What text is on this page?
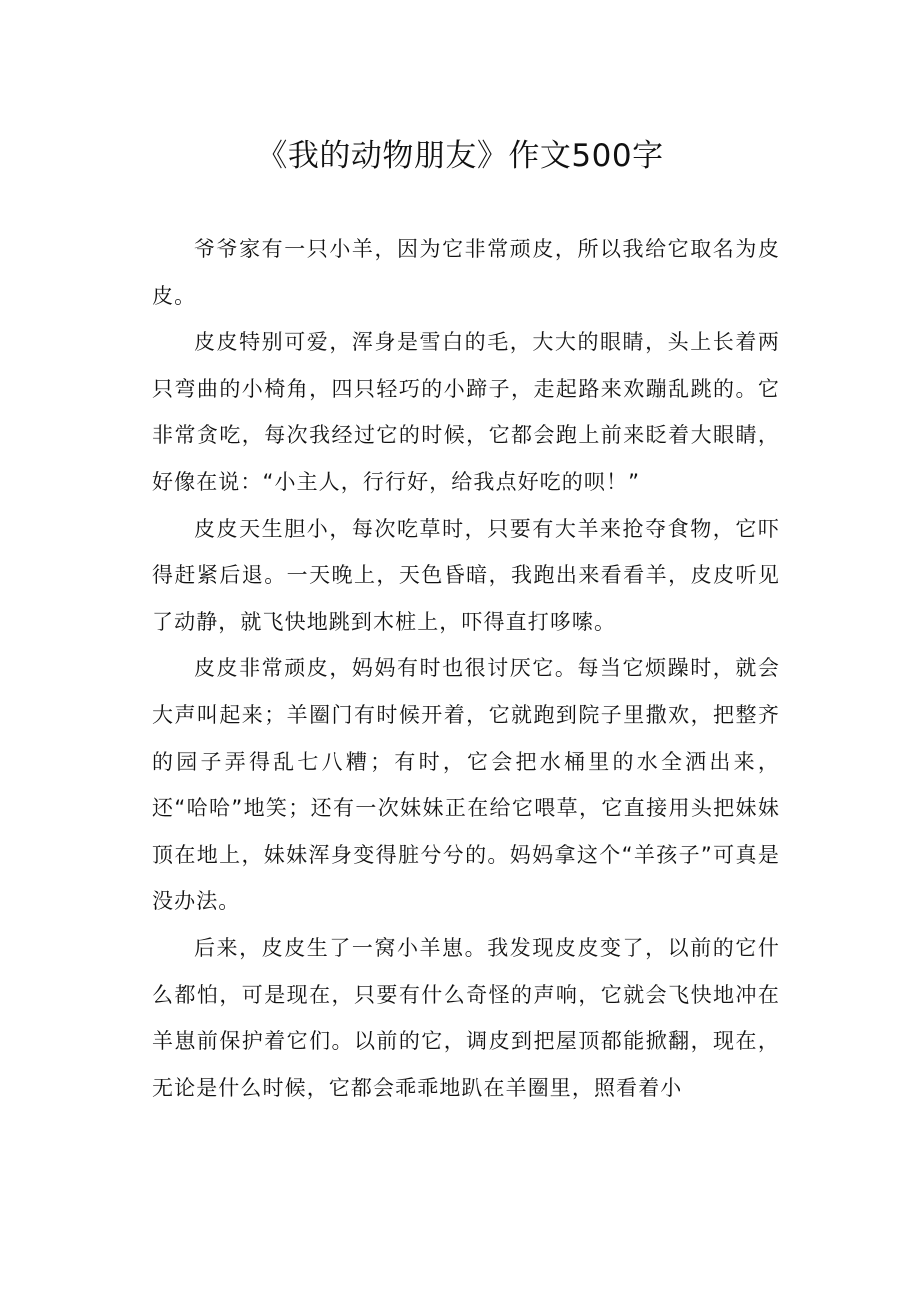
《我的动物朋友》作文500字

爷爷家有一只小羊，因为它非常顽皮，所以我给它取名为皮皮。

皮皮特别可爱，浑身是雪白的毛，大大的眼睛，头上长着两只弯曲的小椅角，四只轻巧的小蹄子，走起路来欢蹦乱跳的。它非常贪吃，每次我经过它的时候，它都会跑上前来眨着大眼睛，好像在说：“小主人，行行好，给我点好吃的呗！”

皮皮天生胆小，每次吃草时，只要有大羊来抢夺食物，它吓得赶紧后退。一天晚上，天色昏暗，我跑出来看看羊，皮皮听见了动静，就飞快地跳到木桩上，吓得直打哆嗦。

皮皮非常顽皮，妈妈有时也很讨厌它。每当它烦躁时，就会大声叫起来；羊圈门有时候开着，它就跑到院子里撒欢，把整齐的园子弄得乱七八糟；有时，它会把水桶里的水全洒出来，还“哈哈”地笑；还有一次妹妹正在给它喂草，它直接用头把妹妹顶在地上，妹妹浑身变得脏兮兮的。妈妈拿这个“羊孩子”可真是没办法。

后来，皮皮生了一窝小羊崽。我发现皮皮变了，以前的它什么都怕，可是现在，只要有什么奇怪的声响，它就会飞快地冲在羊崽前保护着它们。以前的它，调皮到把屋顶都能掀翻，现在，无论是什么时候，它都会乖乖地趴在羊圈里，照看着小
